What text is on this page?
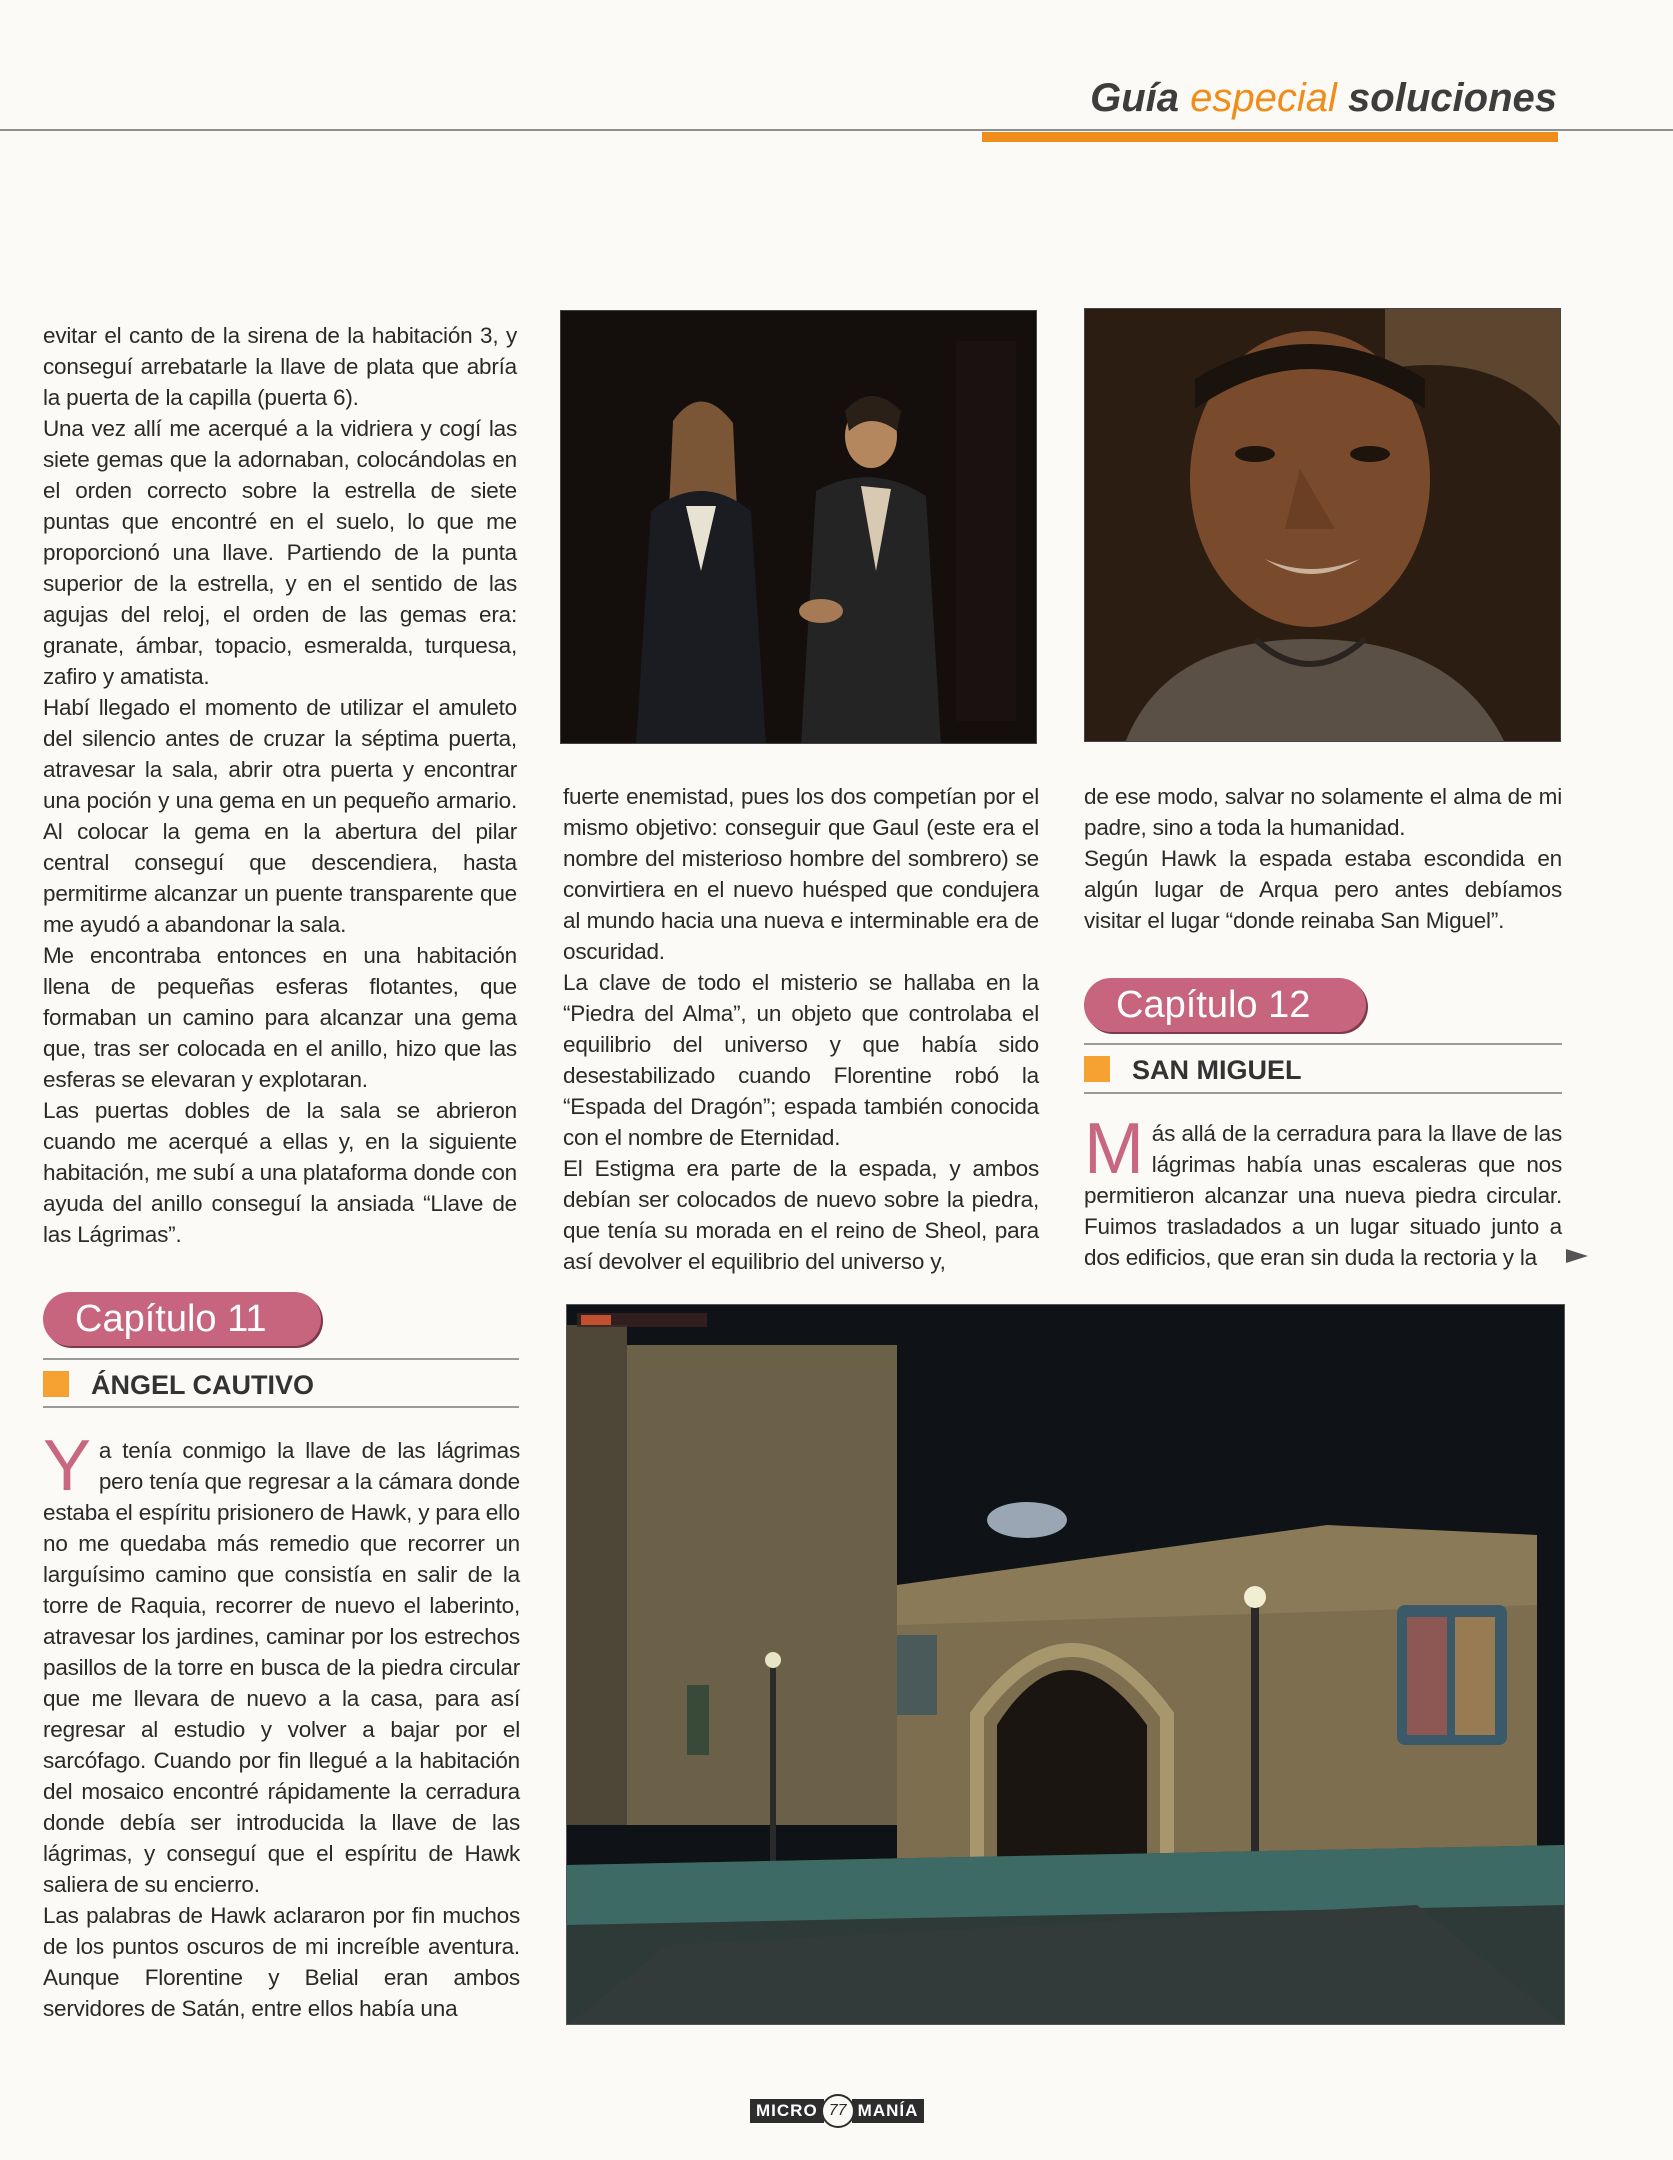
Guía especial soluciones

evitar el canto de la sirena de la habitación 3, y conseguí arrebatarle la llave de plata que abría la puerta de la capilla (puerta 6).

Una vez allí me acerqué a la vidriera y cogí las siete gemas que la adornaban, colocándolas en el orden correcto sobre la estrella de siete puntas que encontré en el suelo, lo que me proporcionó una llave. Partiendo de la punta superior de la estrella, y en el sentido de las agujas del reloj, el orden de las gemas era: granate, ámbar, topacio, esmeralda, turquesa, zafiro y amatista.

Habí llegado el momento de utilizar el amuleto del silencio antes de cruzar la séptima puerta, atravesar la sala, abrir otra puerta y encontrar una poción y una gema en un pequeño armario. Al colocar la gema en la abertura del pilar central conseguí que descendiera, hasta permitirme alcanzar un puente transparente que me ayudó a abandonar la sala.

Me encontraba entonces en una habitación llena de pequeñas esferas flotantes, que formaban un camino para alcanzar una gema que, tras ser colocada en el anillo, hizo que las esferas se elevaran y explotaran.

Las puertas dobles de la sala se abrieron cuando me acerqué a ellas y, en la siguiente habitación, me subí a una plataforma donde con ayuda del anillo conseguí la ansiada “Llave de las Lágrimas”.

fuerte enemistad, pues los dos competían por el mismo objetivo: conseguir que Gaul (este era el nombre del misterioso hombre del sombrero) se convirtiera en el nuevo huésped que condujera al mundo hacia una nueva e interminable era de oscuridad.

La clave de todo el misterio se hallaba en la “Piedra del Alma”, un objeto que controlaba el equilibrio del universo y que había sido desestabilizado cuando Florentine robó la “Espada del Dragón”; espada también conocida con el nombre de Eternidad.

El Estigma era parte de la espada, y ambos debían ser colocados de nuevo sobre la piedra, que tenía su morada en el reino de Sheol, para así devolver el equilibrio del universo y,

de ese modo, salvar no solamente el alma de mi padre, sino a toda la humanidad.

Según Hawk la espada estaba escondida en algún lugar de Arqua pero antes debíamos visitar el lugar “donde reinaba San Miguel”.

Capítulo 12
SAN MIGUEL

Más allá de la cerradura para la llave de las lágrimas había unas escaleras que nos permitieron alcanzar una nueva piedra circular. Fuimos trasladados a un lugar situado junto a dos edificios, que eran sin duda la rectoria y la

Capítulo 11
ÁNGEL CAUTIVO

Ya tenía conmigo la llave de las lágrimas pero tenía que regresar a la cámara donde estaba el espíritu prisionero de Hawk, y para ello no me quedaba más remedio que recorrer un larguísimo camino que consistía en salir de la torre de Raquia, recorrer de nuevo el laberinto, atravesar los jardines, caminar por los estrechos pasillos de la torre en busca de la piedra circular que me llevara de nuevo a la casa, para así regresar al estudio y volver a bajar por el sarcófago. Cuando por fin llegué a la habitación del mosaico encontré rápidamente la cerradura donde debía ser introducida la llave de las lágrimas, y conseguí que el espíritu de Hawk saliera de su encierro.

Las palabras de Hawk aclararon por fin muchos de los puntos oscuros de mi increíble aventura. Aunque Florentine y Belial eran ambos servidores de Satán, entre ellos había una

MICRO 77 MANÍA
